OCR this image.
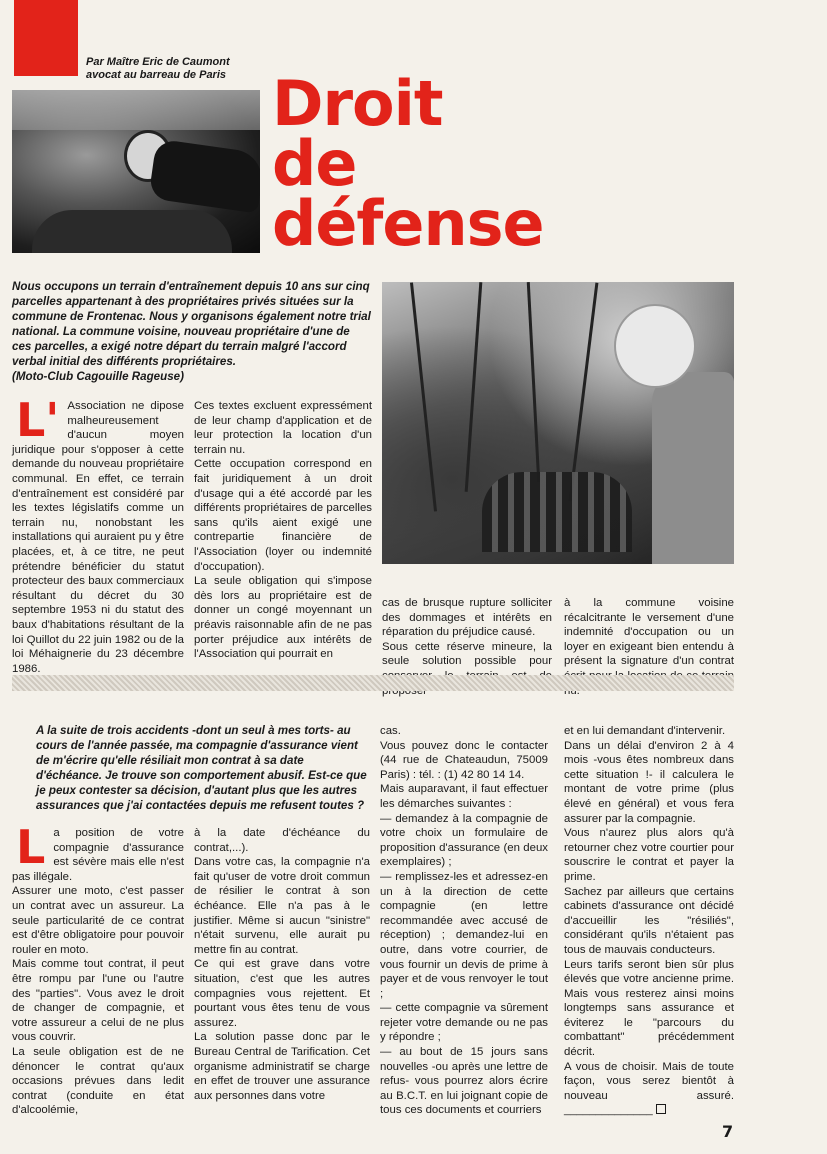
Par Maître Eric de Caumont
avocat au barreau de Paris Droit
de
défense

Nous occupons un terrain d'entraînement depuis 10 ans sur cinq parcelles appartenant à des propriétaires privés situées sur la commune de Frontenac. Nous y organisons également notre trial national. La commune voisine, nouveau propriétaire d'une de ces parcelles, a exigé notre départ du terrain malgré l'accord verbal initial des différents propriétaires.
(Moto-Club Cagouille Rageuse)

L' Association ne dipose malheureusement d'aucun moyen juridique pour s'opposer à cette demande du nouveau propriétaire communal. En effet, ce terrain d'entraînement est considéré par les textes législatifs comme un terrain nu, nonobstant les installations qui auraient pu y être placées, et, à ce titre, ne peut prétendre bénéficier du statut protecteur des baux commerciaux résultant du décret du 30 septembre 1953 ni du statut des baux d'habitations résultant de la loi Quillot du 22 juin 1982 ou de la loi Méhaignerie du 23 décembre 1986.

Ces textes excluent expressément de leur champ d'application et de leur protection la location d'un terrain nu.

Cette occupation correspond en fait juridiquement à un droit d'usage qui a été accordé par les différents propriétaires de parcelles sans qu'ils aient exigé une contrepartie financière de l'Association (loyer ou indemnité d'occupation).

La seule obligation qui s'impose dès lors au propriétaire est de donner un congé moyennant un préavis raisonnable afin de ne pas porter préjudice aux intérêts de l'Association qui pourrait en

cas de brusque rupture solliciter des dommages et intérêts en réparation du préjudice causé.

Sous cette réserve mineure, la seule solution possible pour

à la commune voisine récalcitrante le versement d'une indemnité d'occupation ou un loyer en exigeant bien entendu à présent la signature d'un contrat

A la suite de trois accidents -dont un seul à mes torts- au cours de l'année passée, ma compagnie d'assurance vient de m'écrire qu'elle résiliait mon contrat à sa date d'échéance. Je trouve son comportement abusif. Est-ce que je peux contester sa décision, d'autant plus que les autres assurances que j'ai contactées depuis me refusent toutes ?

La position de votre compagnie d'assurance est sévère mais elle n'est pas illégale.

Assurer une moto, c'est passer un contrat avec un assureur. La seule particularité de ce contrat est d'être obligatoire pour pouvoir rouler en moto.

Mais comme tout contrat, il peut être rompu par l'une ou l'autre des "parties". Vous avez le droit de changer de compagnie, et votre assureur a celui de ne plus vous couvrir.

La seule obligation est de ne dénoncer le contrat qu'aux occasions prévues dans ledit contrat (conduite en état d'alcoolémie,

à la date d'échéance du contrat,...).

Dans votre cas, la compagnie n'a fait qu'user de votre droit commun de résilier le contrat à son échéance. Elle n'a pas à le justifier. Même si aucun "sinistre" n'était survenu, elle aurait pu mettre fin au contrat.

Ce qui est grave dans votre situation, c'est que les autres compagnies vous rejettent. Et pourtant vous êtes tenu de vous assurez.

La solution passe donc par le Bureau Central de Tarification. Cet organisme administratif se charge en effet de trouver une assurance aux personnes dans votre

cas.

Vous pouvez donc le contacter (44 rue de Chateaudun, 75009 Paris) : tél. : (1) 42 80 14 14.

Mais auparavant, il faut effectuer les démarches suivantes :

— demandez à la compagnie de votre choix un formulaire de proposition d'assurance (en deux exemplaires) ;

— remplissez-les et adressez-en un à la direction de cette compagnie (en lettre recommandée avec accusé de réception) ; demandez-lui en outre, dans votre courrier, de vous fournir un devis de prime à payer et de vous renvoyer le tout ;

— cette compagnie va sûrement rejeter votre demande ou ne pas y répondre ;

— au bout de 15 jours sans nouvelles -ou après une lettre de refus- vous pourrez alors écrire au B.C.T. en lui joignant copie de tous ces documents et courriers

et en lui demandant d'intervenir.

Dans un délai d'environ 2 à 4 mois -vous êtes nombreux dans cette situation !- il calculera le montant de votre prime (plus élevé en général) et vous fera assurer par la compagnie.

Vous n'aurez plus alors qu'à retourner chez votre courtier pour souscrire le contrat et payer la prime.

Sachez par ailleurs que certains cabinets d'assurance ont décidé d'accueillir les "résiliés", considérant qu'ils n'étaient pas tous de mauvais conducteurs.

Leurs tarifs seront bien sûr plus élevés que votre ancienne prime. Mais vous resterez ainsi moins longtemps sans assurance et éviterez le "parcours du combattant" précédemment décrit.

A vous de choisir. Mais de toute façon, vous serez bientôt à nouveau assuré. ______________

7
